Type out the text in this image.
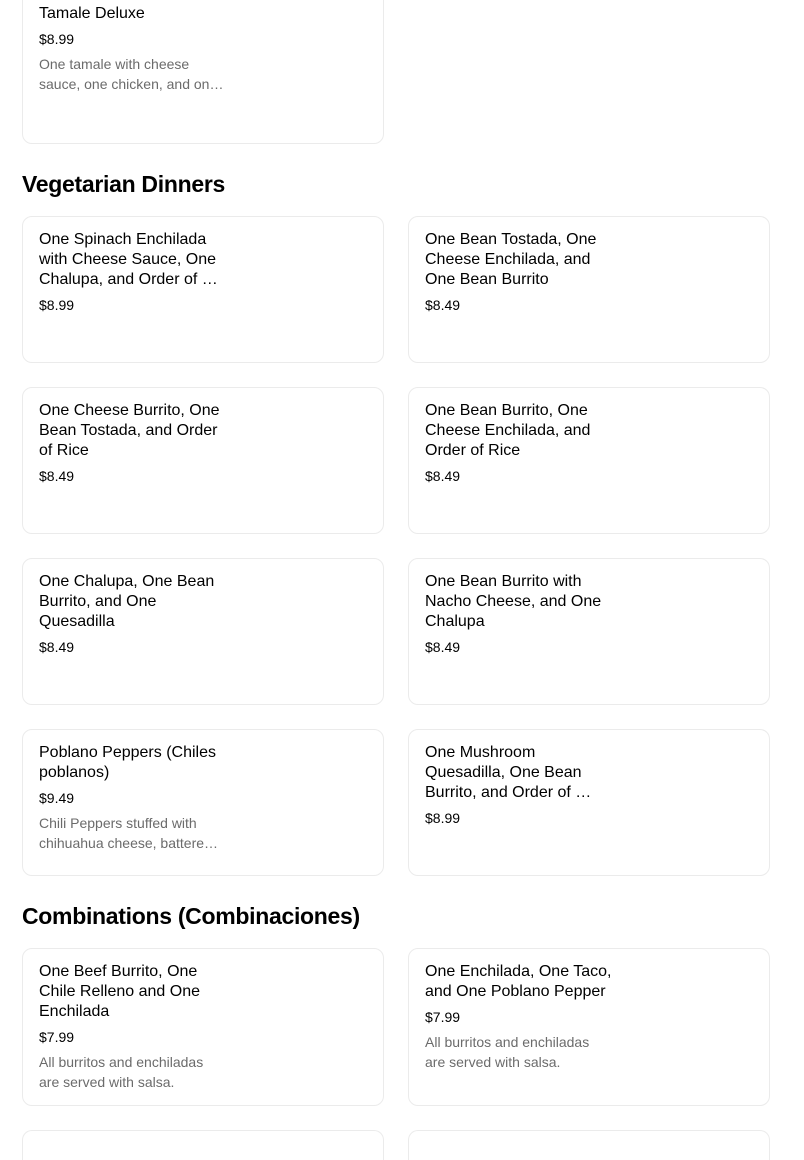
Tamale Deluxe
$8.99
One tamale with cheese sauce, one chicken, and on…
Vegetarian Dinners
One Spinach Enchilada with Cheese Sauce, One Chalupa, and Order of …
$8.99
One Bean Tostada, One Cheese Enchilada, and One Bean Burrito
$8.49
One Cheese Burrito, One Bean Tostada, and Order of Rice
$8.49
One Bean Burrito, One Cheese Enchilada, and Order of Rice
$8.49
One Chalupa, One Bean Burrito, and One Quesadilla
$8.49
One Bean Burrito with Nacho Cheese, and One Chalupa
$8.49
Poblano Peppers (Chiles poblanos)
$9.49
Chili Peppers stuffed with chihuahua cheese, battere…
One Mushroom Quesadilla, One Bean Burrito, and Order of …
$8.99
Combinations (Combinaciones)
One Beef Burrito, One Chile Relleno and One Enchilada
$7.99
All burritos and enchiladas are served with salsa.
One Enchilada, One Taco, and One Poblano Pepper
$7.99
All burritos and enchiladas are served with salsa.
